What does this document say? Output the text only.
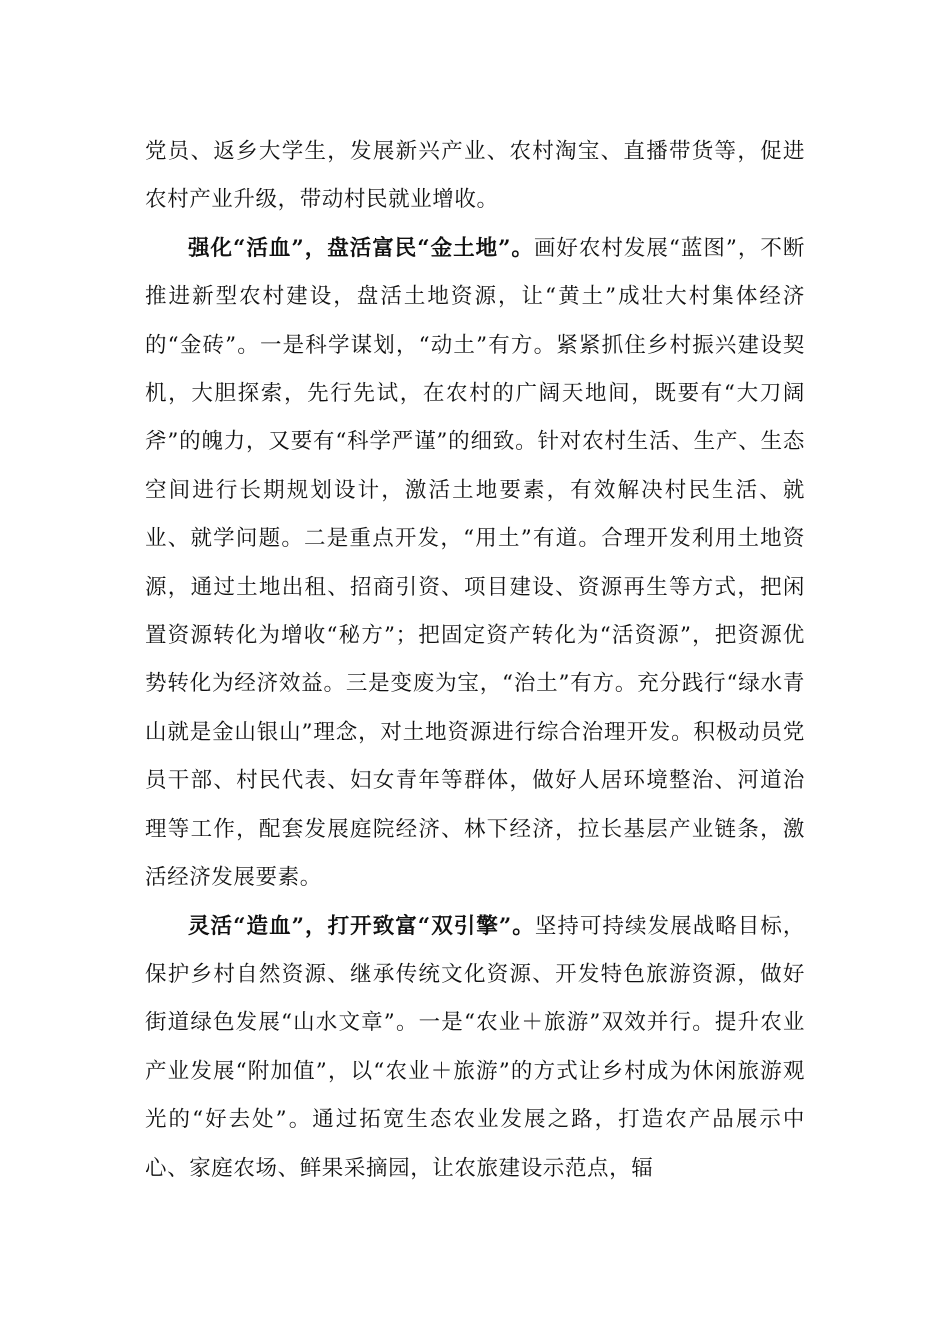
党员、返乡大学生，发展新兴产业、农村淘宝、直播带货等，促进农村产业升级，带动村民就业增收。

强化“活血”，盘活富民“金土地”。画好农村发展“蓝图”，不断推进新型农村建设，盘活土地资源，让“黄土”成壮大村集体经济的“金砖”。一是科学谋划，“动土”有方。紧紧抓住乡村振兴建设契机，大胆探索，先行先试，在农村的广阔天地间，既要有“大刀阔斧”的魄力，又要有“科学严谨”的细致。针对农村生活、生产、生态空间进行长期规划设计，激活土地要素，有效解决村民生活、就业、就学问题。二是重点开发，“用土”有道。合理开发利用土地资源，通过土地出租、招商引资、项目建设、资源再生等方式，把闲置资源转化为增收“秘方”；把固定资产转化为“活资源”，把资源优势转化为经济效益。三是变废为宝，“治土”有方。充分践行“绿水青山就是金山银山”理念，对土地资源进行综合治理开发。积极动员党员干部、村民代表、妇女青年等群体，做好人居环境整治、河道治理等工作，配套发展庭院经济、林下经济，拉长基层产业链条，激活经济发展要素。

灵活“造血”，打开致富“双引擎”。坚持可持续发展战略目标，保护乡村自然资源、继承传统文化资源、开发特色旅游资源，做好街道绿色发展“山水文章”。一是“农业＋旅游”双效并行。提升农业产业发展“附加值”，以“农业＋旅游”的方式让乡村成为休闲旅游观光的“好去处”。通过拓宽生态农业发展之路，打造农产品展示中心、家庭农场、鲜果采摘园，让农旅建设示范点，辐
